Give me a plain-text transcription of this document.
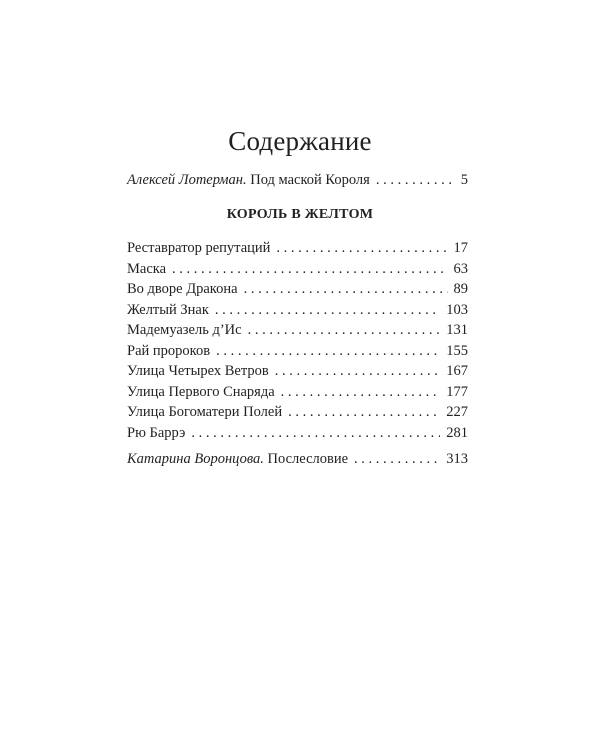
Содержание
Алексей Лотерман. Под маской Короля . . .	5
КОРОЛЬ В ЖЕЛТОМ
Реставратор репутаций . . .	17
Маска . . .	63
Во дворе Дракона . . .	89
Желтый Знак . . .	103
Мадемуазель д’Ис . . .	131
Рай пророков . . .	155
Улица Четырех Ветров . . .	167
Улица Первого Снаряда . . .	177
Улица Богоматери Полей . . .	227
Рю Баррэ . . .	281
Катарина Воронцова. Послесловие . . .	313
